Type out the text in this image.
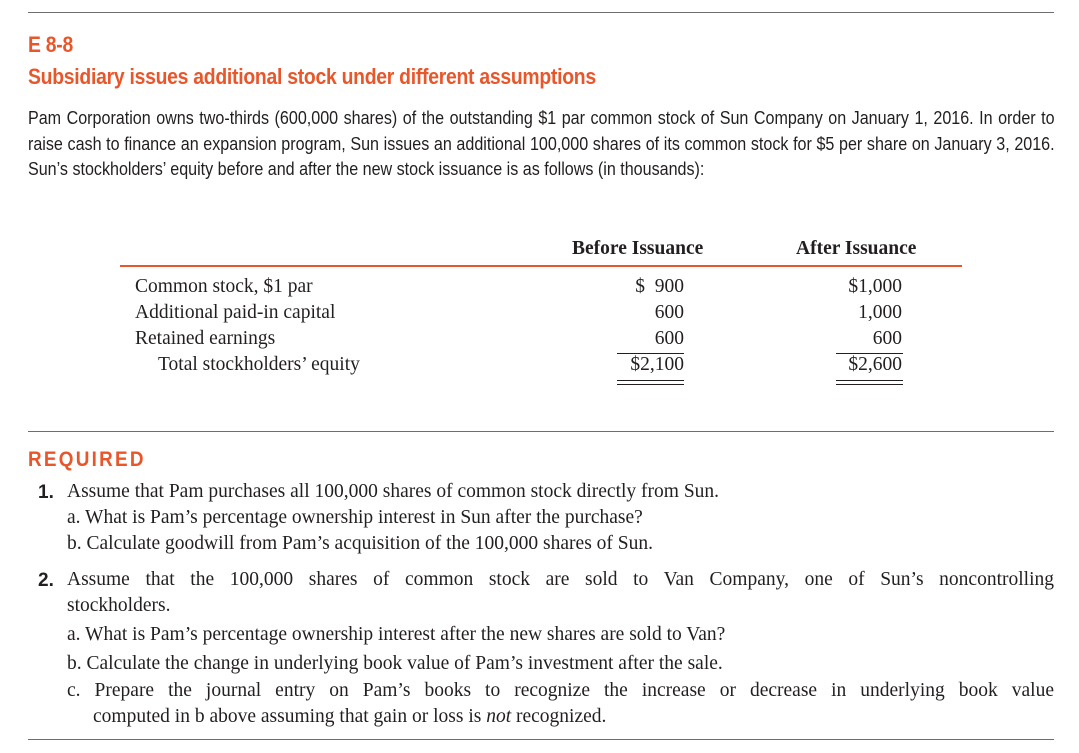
E 8-8
Subsidiary issues additional stock under different assumptions
Pam Corporation owns two-thirds (600,000 shares) of the outstanding $1 par common stock of Sun Company on January 1, 2016. In order to raise cash to finance an expansion program, Sun issues an additional 100,000 shares of its common stock for $5 per share on January 3, 2016. Sun’s stockholders’ equity before and after the new stock issuance is as follows (in thousands):
Before Issuance	After Issuance
Common stock, $1 par
Additional paid-in capital
Retained earnings
Total stockholders’ equity
$  900
600
600
$2,100
$1,000
1,000
600
$2,600
REQUIRED
1. Assume that Pam purchases all 100,000 shares of common stock directly from Sun.
a. What is Pam’s percentage ownership interest in Sun after the purchase?
b. Calculate goodwill from Pam’s acquisition of the 100,000 shares of Sun.
2. Assume that the 100,000 shares of common stock are sold to Van Company, one of Sun’s noncontrolling
stockholders.
a. What is Pam’s percentage ownership interest after the new shares are sold to Van?
b. Calculate the change in underlying book value of Pam’s investment after the sale.
c. Prepare the journal entry on Pam’s books to recognize the increase or decrease in underlying book value
computed in b above assuming that gain or loss is not recognized.
